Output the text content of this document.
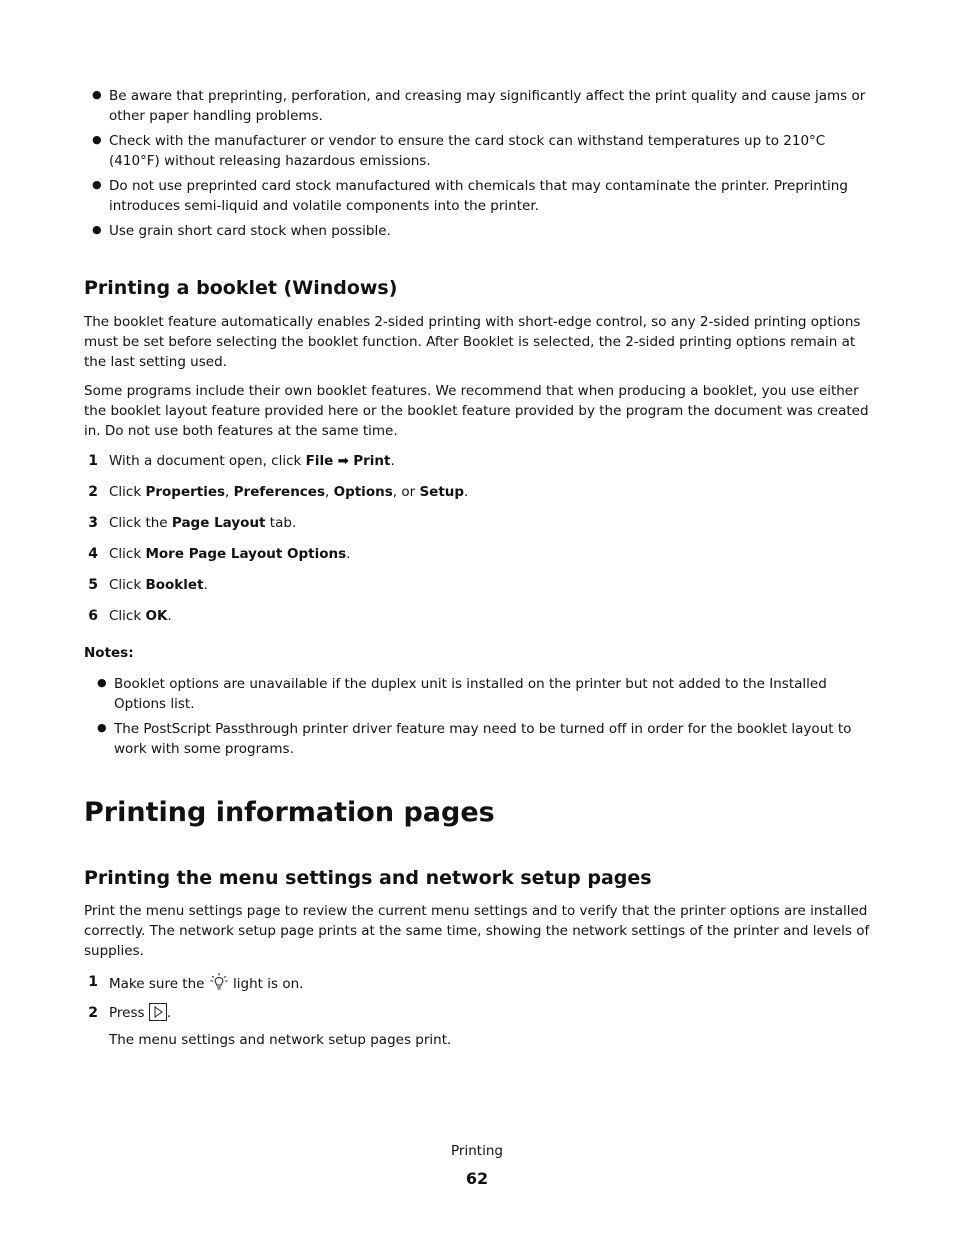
● Be aware that preprinting, perforation, and creasing may significantly affect the print quality and cause jams or other paper handling problems.
● Check with the manufacturer or vendor to ensure the card stock can withstand temperatures up to 210°C (410°F) without releasing hazardous emissions.
● Do not use preprinted card stock manufactured with chemicals that may contaminate the printer. Preprinting introduces semi-liquid and volatile components into the printer.
● Use grain short card stock when possible.
Printing a booklet (Windows)
The booklet feature automatically enables 2-sided printing with short-edge control, so any 2-sided printing options must be set before selecting the booklet function. After Booklet is selected, the 2-sided printing options remain at the last setting used.
Some programs include their own booklet features. We recommend that when producing a booklet, you use either the booklet layout feature provided here or the booklet feature provided by the program the document was created in. Do not use both features at the same time.
1 With a document open, click File ➡ Print.
2 Click Properties, Preferences, Options, or Setup.
3 Click the Page Layout tab.
4 Click More Page Layout Options.
5 Click Booklet.
6 Click OK.
Notes:
● Booklet options are unavailable if the duplex unit is installed on the printer but not added to the Installed Options list.
● The PostScript Passthrough printer driver feature may need to be turned off in order for the booklet layout to work with some programs.
Printing information pages
Printing the menu settings and network setup pages
Print the menu settings page to review the current menu settings and to verify that the printer options are installed correctly. The network setup page prints at the same time, showing the network settings of the printer and levels of supplies.
1 Make sure the  light is on.
2 Press .
The menu settings and network setup pages print.
Printing
62
